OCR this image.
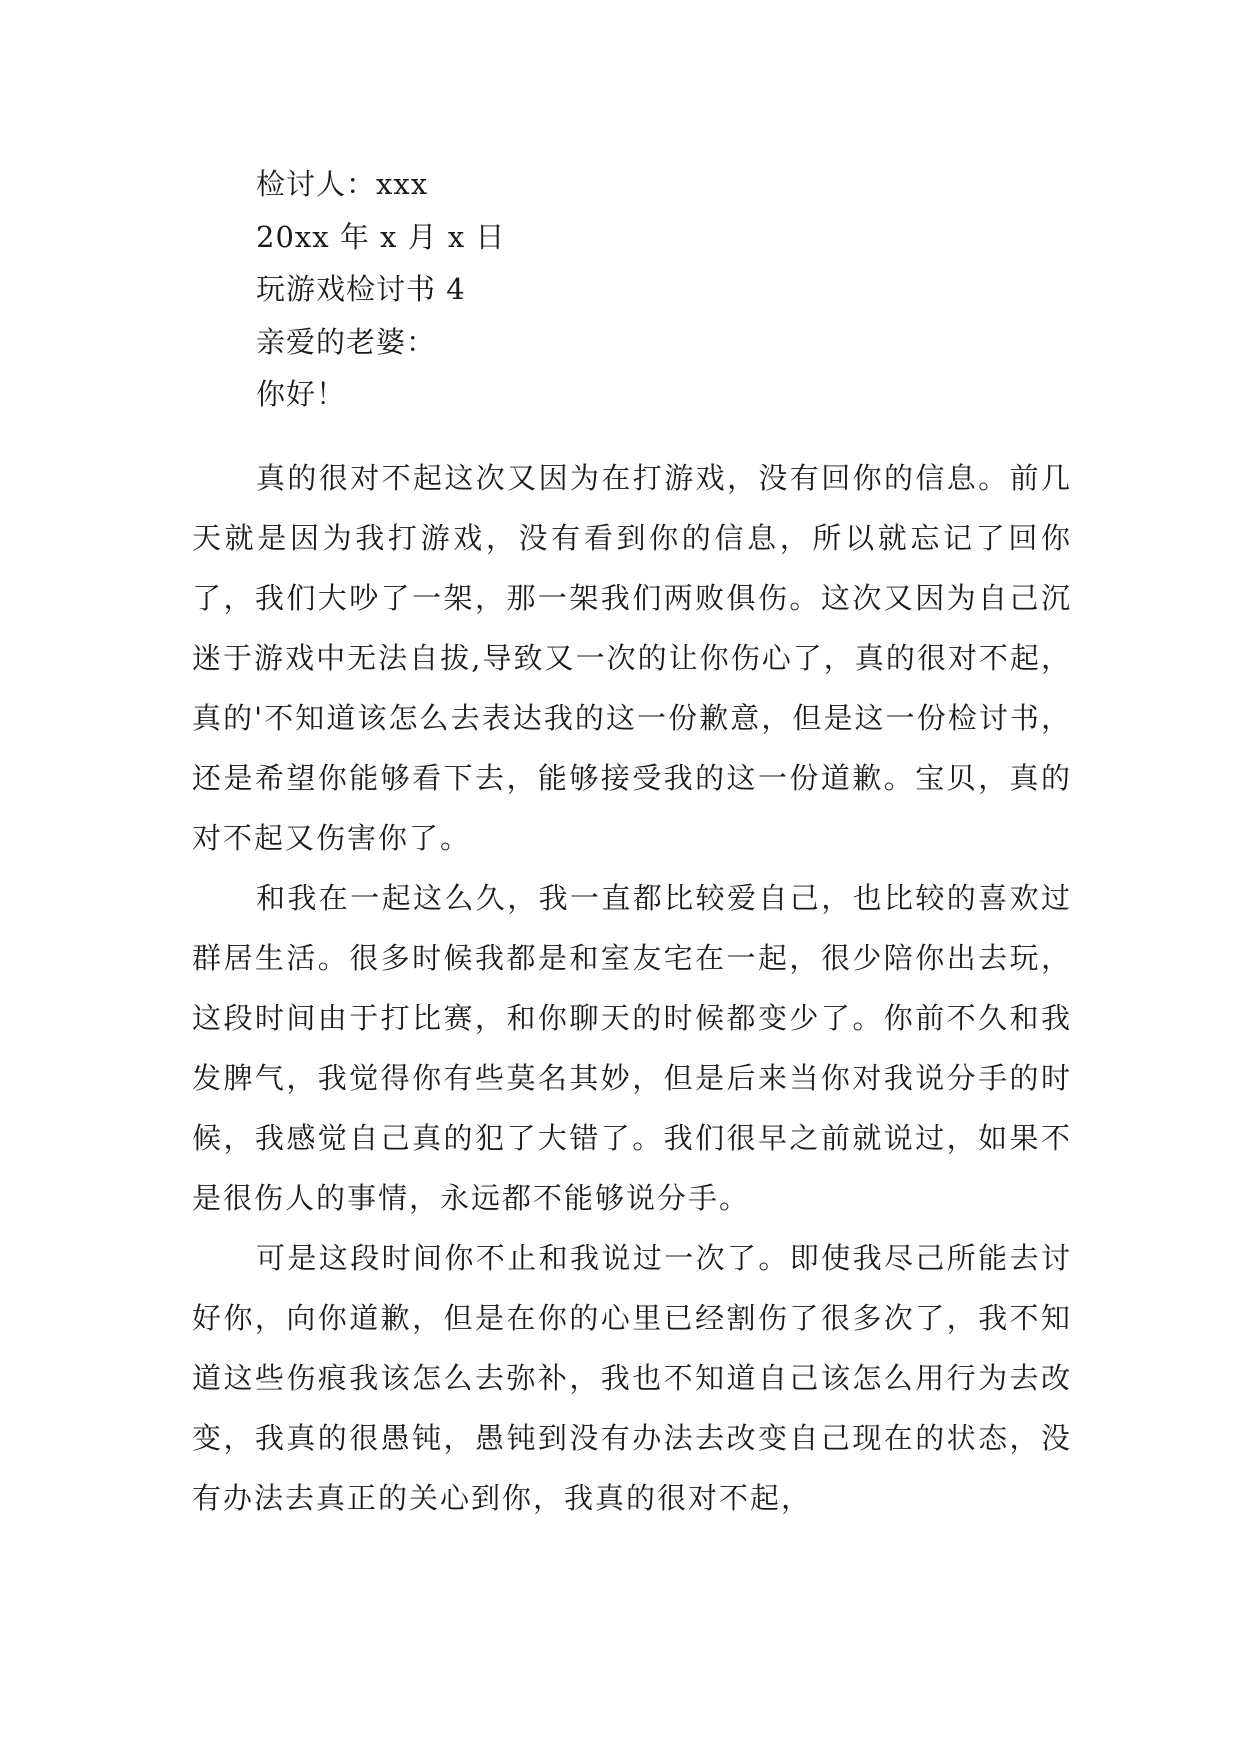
检讨人：xxx
20xx 年 x 月 x 日
玩游戏检讨书 4
亲爱的老婆：
你好！

真的很对不起这次又因为在打游戏，没有回你的信息。前几天就是因为我打游戏，没有看到你的信息，所以就忘记了回你了，我们大吵了一架，那一架我们两败俱伤。这次又因为自己沉迷于游戏中无法自拔,导致又一次的让你伤心了，真的很对不起，真的'不知道该怎么去表达我的这一份歉意，但是这一份检讨书，还是希望你能够看下去，能够接受我的这一份道歉。宝贝，真的对不起又伤害你了。

和我在一起这么久，我一直都比较爱自己，也比较的喜欢过群居生活。很多时候我都是和室友宅在一起，很少陪你出去玩，这段时间由于打比赛，和你聊天的时候都变少了。你前不久和我发脾气，我觉得你有些莫名其妙，但是后来当你对我说分手的时候，我感觉自己真的犯了大错了。我们很早之前就说过，如果不是很伤人的事情，永远都不能够说分手。

可是这段时间你不止和我说过一次了。即使我尽己所能去讨好你，向你道歉，但是在你的心里已经割伤了很多次了，我不知道这些伤痕我该怎么去弥补，我也不知道自己该怎么用行为去改变，我真的很愚钝，愚钝到没有办法去改变自己现在的状态，没有办法去真正的关心到你，我真的很对不起，
